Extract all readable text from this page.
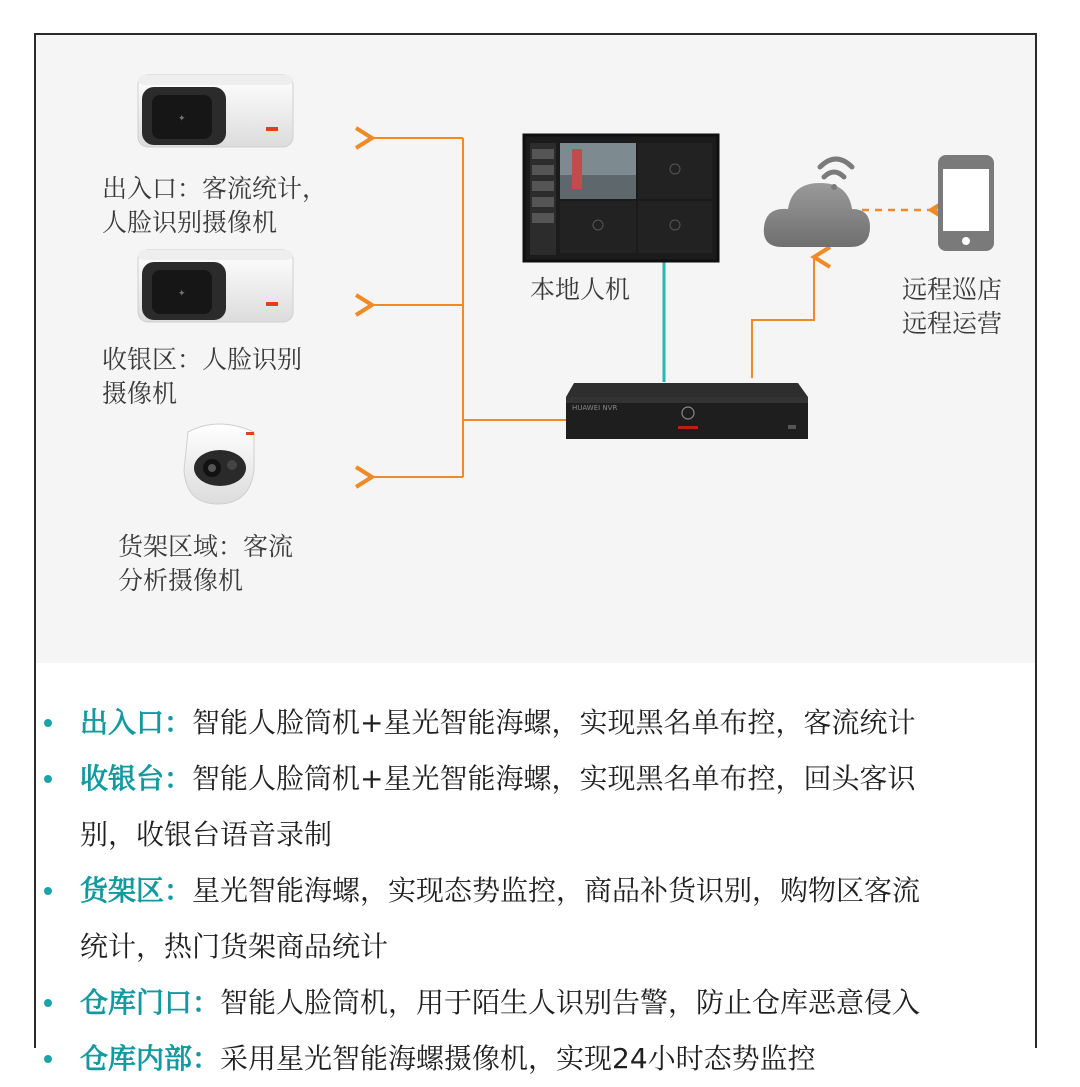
✦
✦
HUAWEI NVR
出入口：客流统计，
人脸识别摄像机
收银区：人脸识别
摄像机
货架区域：客流
分析摄像机
本地人机	远程巡店
远程运营
出入口：智能人脸筒机+星光智能海螺，实现黑名单布控，客流统计
收银台：智能人脸筒机+星光智能海螺，实现黑名单布控，回头客识
别，收银台语音录制
货架区：星光智能海螺，实现态势监控，商品补货识别，购物区客流
统计，热门货架商品统计
仓库门口：智能人脸筒机，用于陌生人识别告警，防止仓库恶意侵入
仓库内部：采用星光智能海螺摄像机，实现24小时态势监控
